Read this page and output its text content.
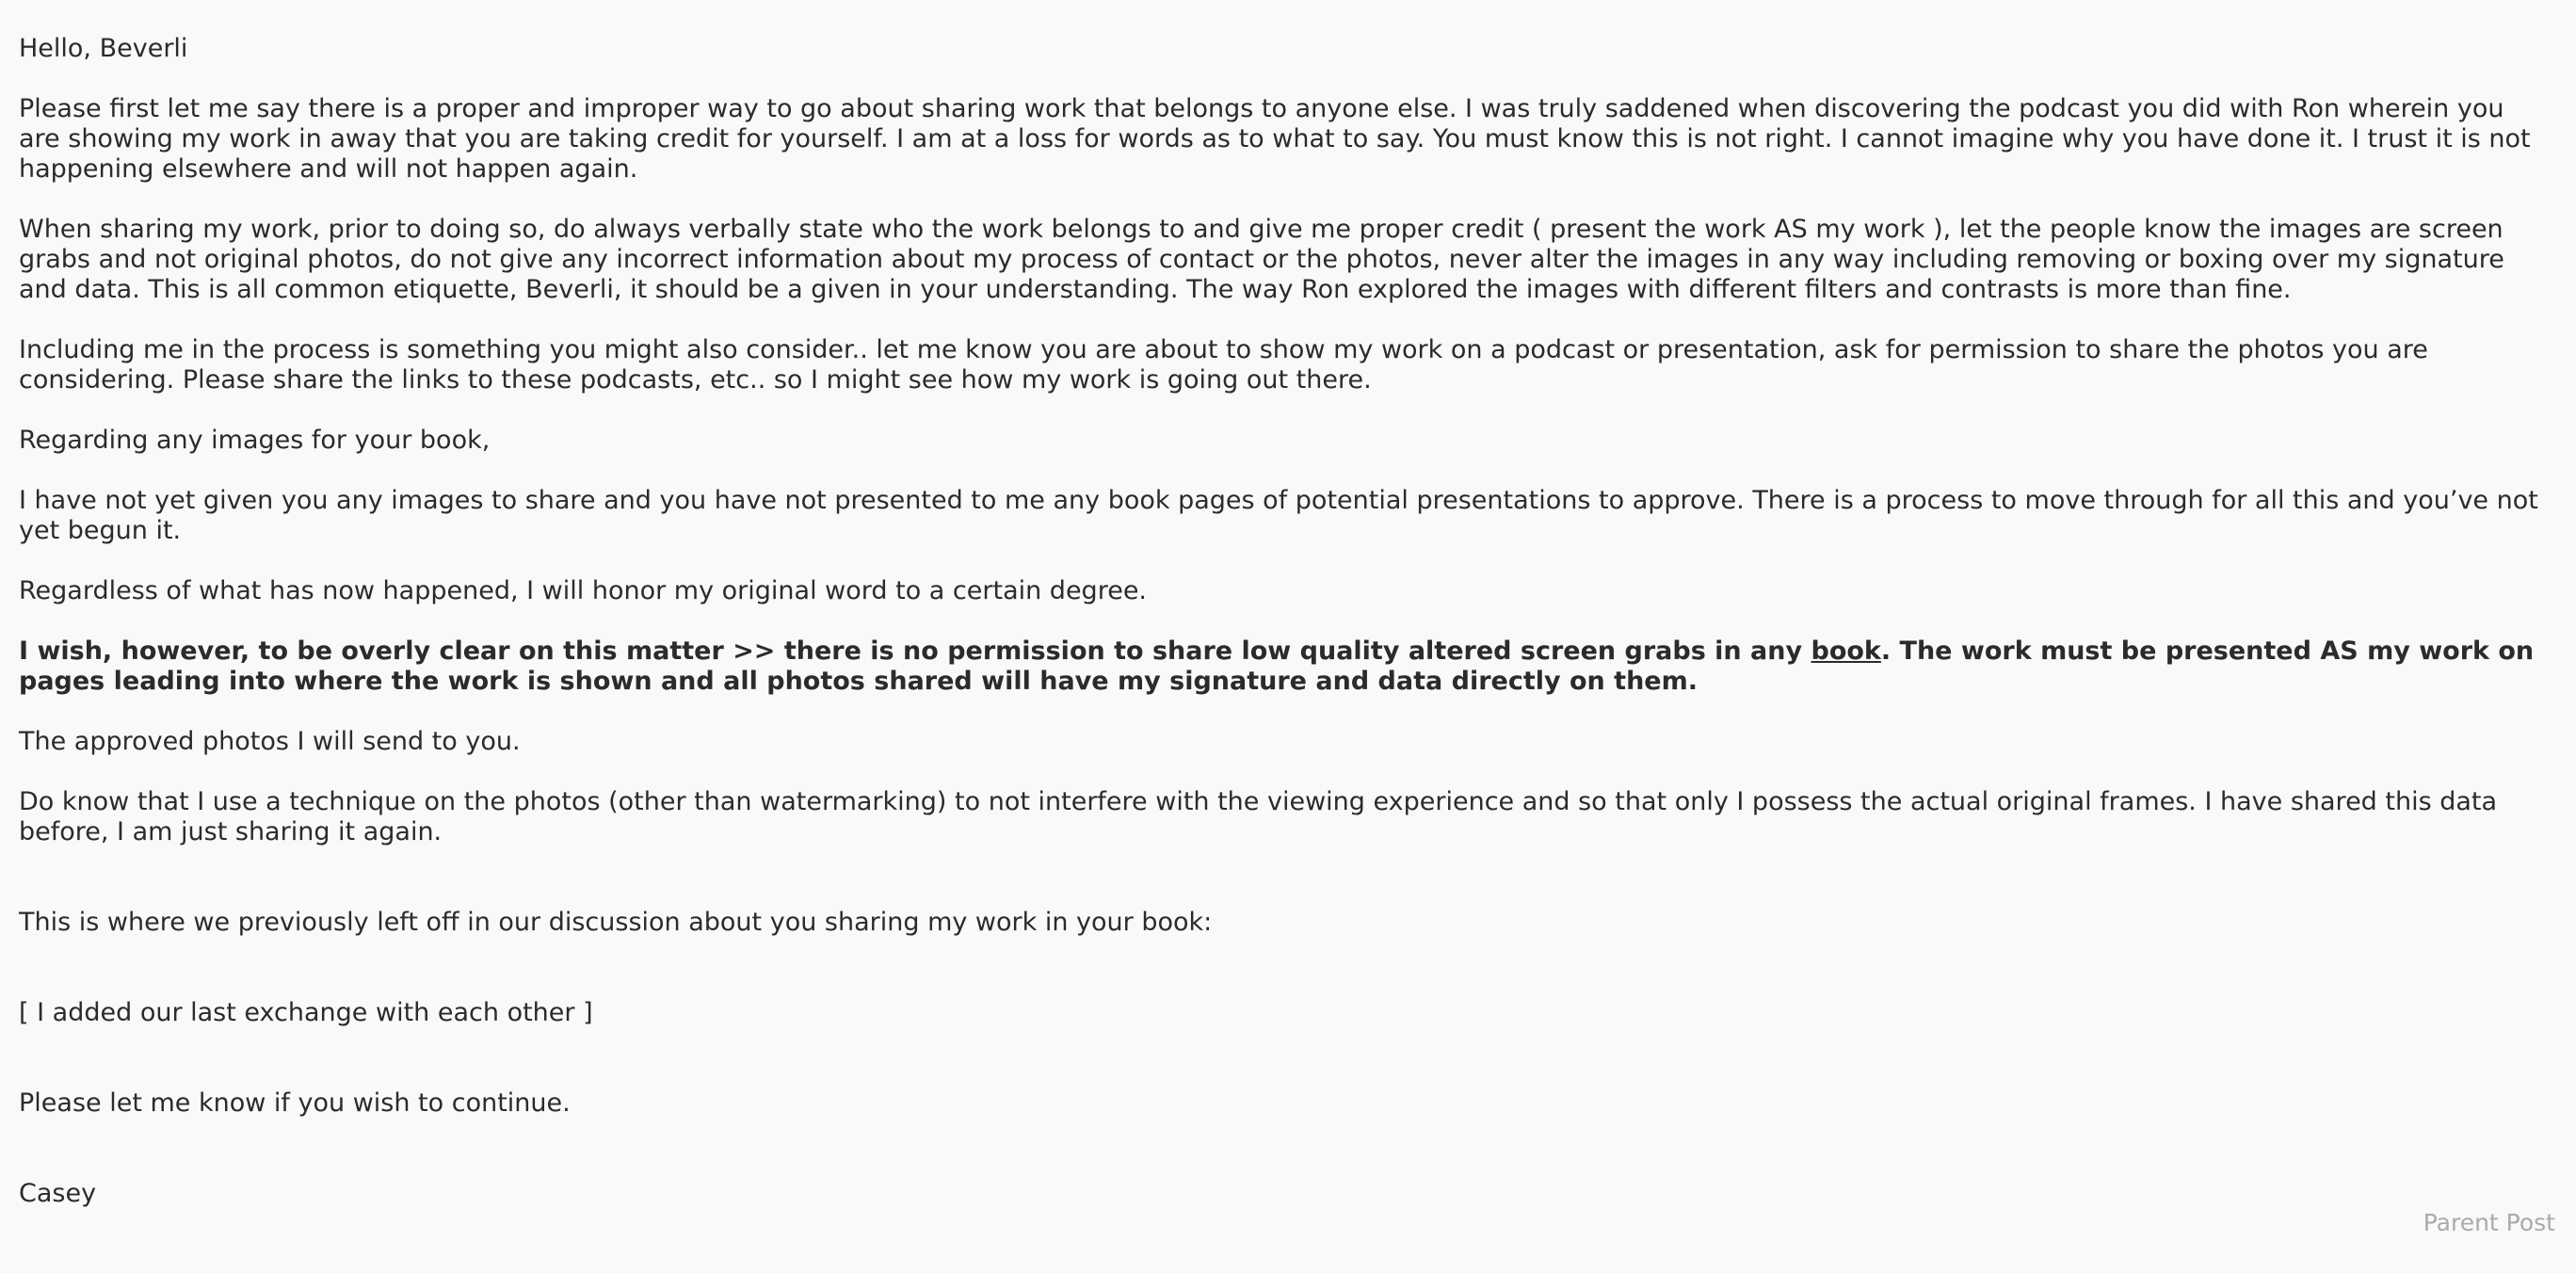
Hello, Beverli

Please first let me say there is a proper and improper way to go about sharing work that belongs to anyone else. I was truly saddened when discovering the podcast you did with Ron wherein you are showing my work in away that you are taking credit for yourself. I am at a loss for words as to what to say. You must know this is not right. I cannot imagine why you have done it. I trust it is not happening elsewhere and will not happen again.

When sharing my work, prior to doing so, do always verbally state who the work belongs to and give me proper credit ( present the work AS my work ), let the people know the images are screen grabs and not original photos, do not give any incorrect information about my process of contact or the photos, never alter the images in any way including removing or boxing over my signature and data. This is all common etiquette, Beverli, it should be a given in your understanding. The way Ron explored the images with different filters and contrasts is more than fine.

Including me in the process is something you might also consider.. let me know you are about to show my work on a podcast or presentation, ask for permission to share the photos you are considering. Please share the links to these podcasts, etc.. so I might see how my work is going out there.

Regarding any images for your book,

I have not yet given you any images to share and you have not presented to me any book pages of potential presentations to approve. There is a process to move through for all this and you’ve not yet begun it.

Regardless of what has now happened, I will honor my original word to a certain degree.

I wish, however, to be overly clear on this matter >> there is no permission to share low quality altered screen grabs in any book. The work must be presented AS my work on pages leading into where the work is shown and all photos shared will have my signature and data directly on them.

The approved photos I will send to you.

Do know that I use a technique on the photos (other than watermarking) to not interfere with the viewing experience and so that only I possess the actual original frames. I have shared this data before, I am just sharing it again.

This is where we previously left off in our discussion about you sharing my work in your book:

[ I added our last exchange with each other ]

Please let me know if you wish to continue.

Casey

Parent Post
